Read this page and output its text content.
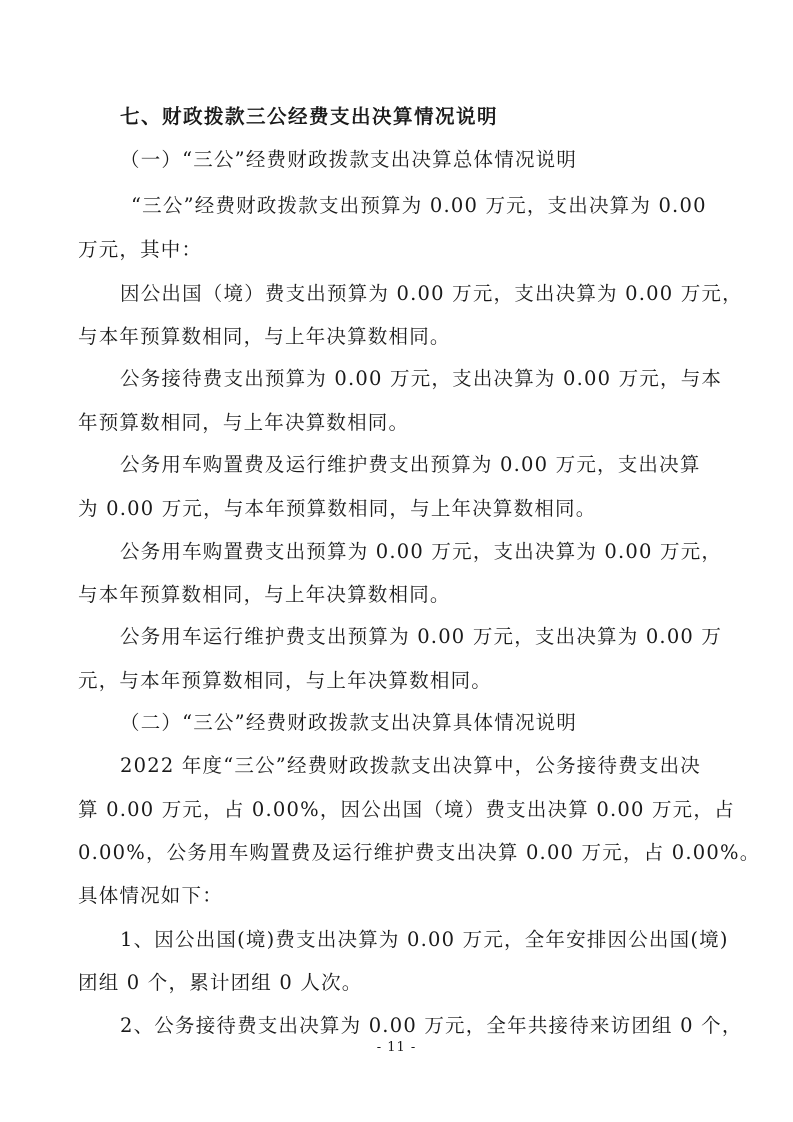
七、财政拨款三公经费支出决算情况说明
（一）“三公”经费财政拨款支出决算总体情况说明
“三公”经费财政拨款支出预算为 0.00 万元，支出决算为 0.00
万元，其中：
因公出国（境）费支出预算为 0.00 万元，支出决算为 0.00 万元，
与本年预算数相同，与上年决算数相同。
公务接待费支出预算为 0.00 万元，支出决算为 0.00 万元，与本
年预算数相同，与上年决算数相同。
公务用车购置费及运行维护费支出预算为 0.00 万元，支出决算
为 0.00 万元，与本年预算数相同，与上年决算数相同。
公务用车购置费支出预算为 0.00 万元，支出决算为 0.00 万元，
与本年预算数相同，与上年决算数相同。
公务用车运行维护费支出预算为 0.00 万元，支出决算为 0.00 万
元，与本年预算数相同，与上年决算数相同。
（二）“三公”经费财政拨款支出决算具体情况说明
2022 年度“三公”经费财政拨款支出决算中，公务接待费支出决
算 0.00 万元，占 0.00%，因公出国（境）费支出决算 0.00 万元，占
0.00%，公务用车购置费及运行维护费支出决算 0.00 万元，占 0.00%。
具体情况如下：
1、因公出国(境)费支出决算为 0.00 万元，全年安排因公出国(境)
团组 0 个，累计团组 0 人次。
2、公务接待费支出决算为 0.00 万元，全年共接待来访团组 0 个，
- 11 -
